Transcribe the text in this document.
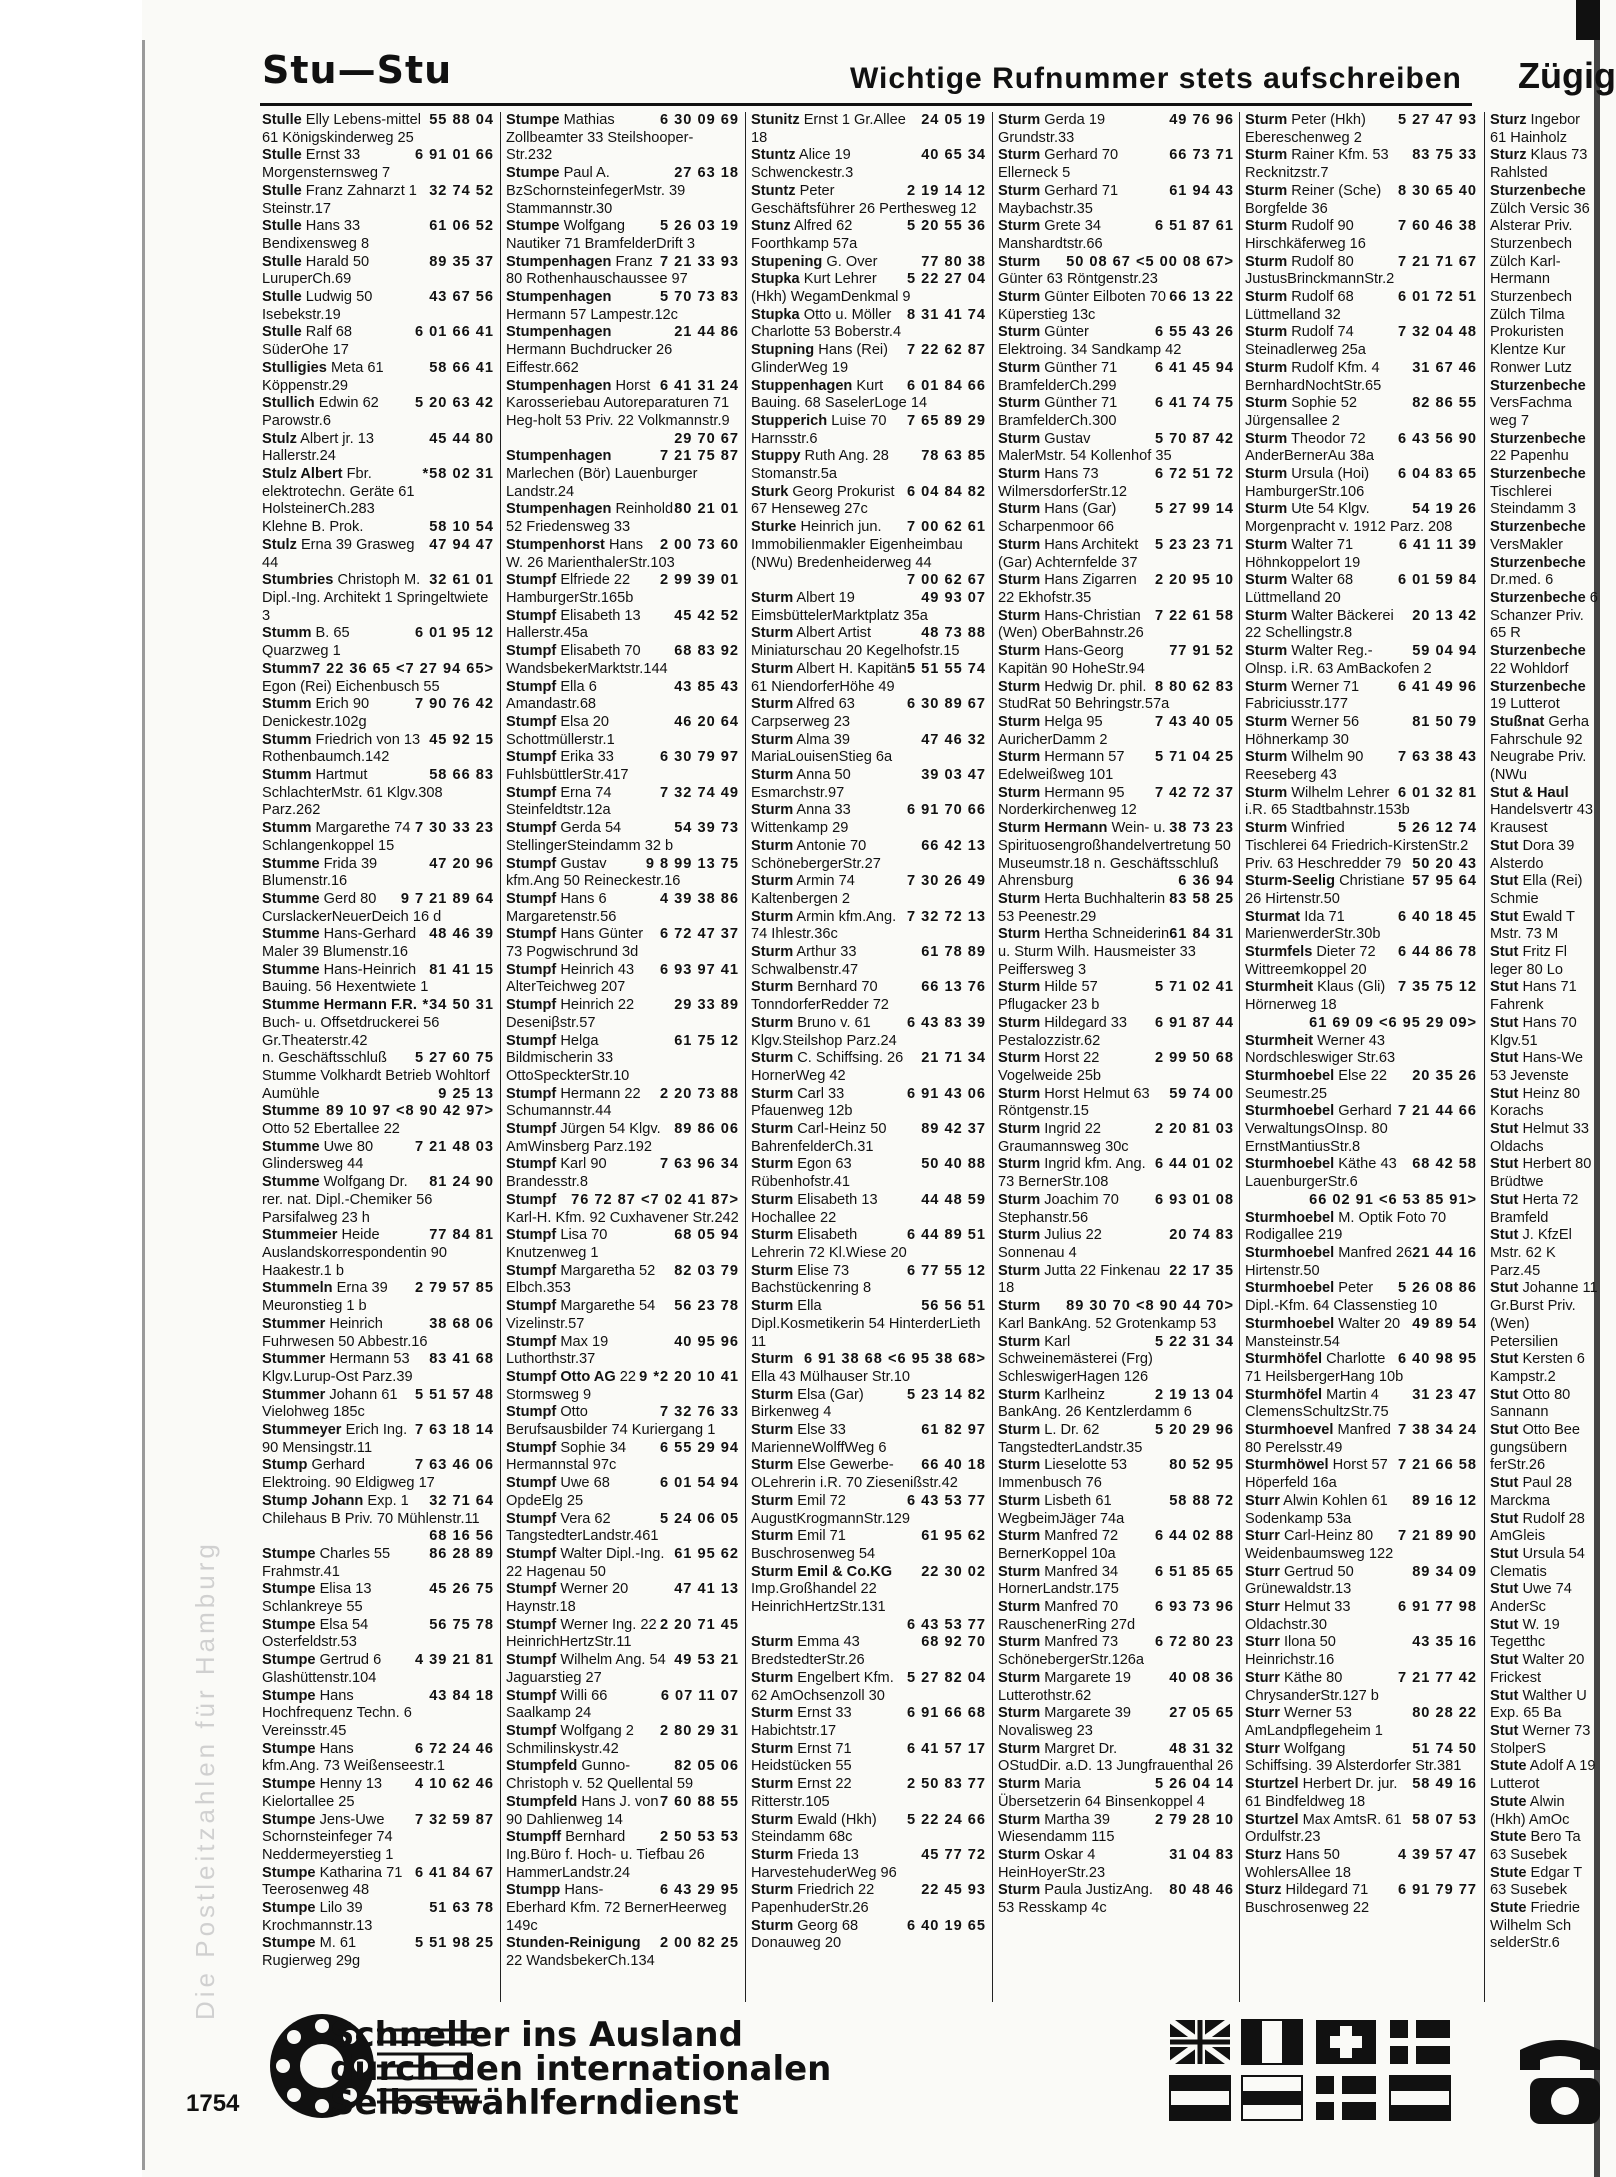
Die Postleitzahlen für Hamburg
Stu—Stu	Wichtige Rufnummer stets aufschreiben Zügig
55 88 04
Stulle Elly Lebens-mittel 61 Königskinderweg 25
6 91 01 66
Stulle Ernst 33 Morgensternsweg 7
32 74 52
Stulle Franz Zahnarzt 1 Steinstr.17
61 06 52
Stulle Hans 33 Bendixensweg 8
89 35 37
Stulle Harald 50 LuruperCh.69
43 67 56
Stulle Ludwig 50 Isebekstr.19
6 01 66 41
Stulle Ralf 68 SüderOhe 17
58 66 41
Stulligies Meta 61 Köppenstr.29
5 20 63 42
Stullich Edwin 62 Parowstr.6
45 44 80
Stulz Albert jr. 13 Hallerstr.24
*58 02 31
Stulz Albert Fbr. elektrotechn. Geräte 61 HolsteinerCh.283
58 10 54
Klehne B. Prok.
47 94 47
Stulz Erna 39 Grasweg 44
32 61 01
Stumbries Christoph M. Dipl.-Ing. Architekt 1 Springeltwiete 3
6 01 95 12
Stumm B. 65 Quarzweg 1
7 22 36 65 <7 27 94 65>
Stumm Egon (Rei) Eichenbusch 55
7 90 76 42
Stumm Erich 90 Denickestr.102g
45 92 15
Stumm Friedrich von 13 Rothenbaumch.142
58 66 83
Stumm Hartmut SchlachterMstr. 61 Klgv.308 Parz.262
7 30 33 23
Stumm Margarethe 74 Schlangenkoppel 15
47 20 96
Stumme Frida 39 Blumenstr.16
9 7 21 89 64
Stumme Gerd 80 CurslackerNeuerDeich 16 d
48 46 39
Stumme Hans-Gerhard Maler 39 Blumenstr.16
81 41 15
Stumme Hans-Heinrich Bauing. 56 Hexentwiete 1
*34 50 31
Stumme Hermann F.R. Buch- u. Offsetdruckerei 56 Gr.Theaterstr.42
5 27 60 75
n. Geschäftsschluß Stumme Volkhardt Betrieb Wohltorf
9 25 13
Aumühle
89 10 97 <8 90 42 97>
Stumme Otto 52 Ebertallee 22
7 21 48 03
Stumme Uwe 80 Glindersweg 44
81 24 90
Stumme Wolfgang Dr. rer. nat. Dipl.-Chemiker 56 Parsifalweg 23 h
77 84 81
Stummeier Heide Auslandskorrespondentin 90 Haakestr.1 b
2 79 57 85
Stummeln Erna 39 Meuronstieg 1 b
38 68 06
Stummer Heinrich Fuhrwesen 50 Abbestr.16
83 41 68
Stummer Hermann 53 Klgv.Lurup-Ost Parz.39
5 51 57 48
Stummer Johann 61 Vielohweg 185c
7 63 18 14
Stummeyer Erich Ing. 90 Mensingstr.11
7 63 46 06
Stump Gerhard Elektroing. 90 Eldigweg 17
32 71 64
Stump Johann Exp. 1 Chilehaus B Priv. 70 Mühlenstr.11
68 16 56
86 28 89
Stumpe Charles 55 Frahmstr.41
45 26 75
Stumpe Elisa 13 Schlankreye 55
56 75 78
Stumpe Elsa 54 Osterfeldstr.53
4 39 21 81
Stumpe Gertrud 6 Glashüttenstr.104
43 84 18
Stumpe Hans Hochfrequenz Techn. 6 Vereinsstr.45
6 72 24 46
Stumpe Hans kfm.Ang. 73 Weißenseestr.1
4 10 62 46
Stumpe Henny 13 Kielortallee 25
7 32 59 87
Stumpe Jens-Uwe Schornsteinfeger 74 Neddermeyerstieg 1
6 41 84 67
Stumpe Katharina 71 Teerosenweg 48
51 63 78
Stumpe Lilo 39 Krochmannstr.13
5 51 98 25
Stumpe M. 61 Rugierweg 29g
6 30 09 69
Stumpe Mathias Zollbeamter 33 Steilshooper-Str.232
27 63 18
Stumpe Paul A. BzSchornsteinfegerMstr. 39 Stammannstr.30
5 26 03 19
Stumpe Wolfgang Nautiker 71 BramfelderDrift 3
7 21 33 93
Stumpenhagen Franz 80 Rothenhauschaussee 97
5 70 73 83
Stumpenhagen Hermann 57 Lampestr.12c
21 44 86
Stumpenhagen Hermann Buchdrucker 26 Eiffestr.662
6 41 31 24
Stumpenhagen Horst Karosseriebau Autoreparaturen 71 Heg-holt 53 Priv. 22 Volkmannstr.9
29 70 67
7 21 75 87
Stumpenhagen Marlechen (Bör) Lauenburger Landstr.24
80 21 01
Stumpenhagen Reinhold 52 Friedensweg 33
2 00 73 60
Stumpenhorst Hans W. 26 MarienthalerStr.103
2 99 39 01
Stumpf Elfriede 22 HamburgerStr.165b
45 42 52
Stumpf Elisabeth 13 Hallerstr.45a
68 83 92
Stumpf Elisabeth 70 WandsbekerMarktstr.144
43 85 43
Stumpf Ella 6 Amandastr.68
46 20 64
Stumpf Elsa 20 Schottmüllerstr.1
6 30 79 97
Stumpf Erika 33 FuhlsbüttlerStr.417
7 32 74 49
Stumpf Erna 74 Steinfeldtstr.12a
54 39 73
Stumpf Gerda 54 StellingerSteindamm 32 b
9 8 99 13 75
Stumpf Gustav kfm.Ang 50 Reineckestr.16
4 39 38 86
Stumpf Hans 6 Margaretenstr.56
6 72 47 37
Stumpf Hans Günter 73 Pogwischrund 3d
6 93 97 41
Stumpf Heinrich 43 AlterTeichweg 207
29 33 89
Stumpf Heinrich 22 Deseniβstr.57
61 75 12
Stumpf Helga Bildmischerin 33 OttoSpeckterStr.10
2 20 73 88
Stumpf Hermann 22 Schumannstr.44
89 86 06
Stumpf Jürgen 54 Klgv. AmWinsberg Parz.192
7 63 96 34
Stumpf Karl 90 Brandesstr.8
76 72 87 <7 02 41 87>
Stumpf Karl-H. Kfm. 92 Cuxhavener Str.242
68 05 94
Stumpf Lisa 70 Knutzenweg 1
82 03 79
Stumpf Margaretha 52 Elbch.353
56 23 78
Stumpf Margarethe 54 Vizelinstr.57
40 95 96
Stumpf Max 19 Luthorthstr.37
9 *2 20 10 41
Stumpf Otto AG 22 Stormsweg 9
7 32 76 33
Stumpf Otto Berufsausbilder 74 Kuriergang 1
6 55 29 94
Stumpf Sophie 34 Hermannstal 97c
6 01 54 94
Stumpf Uwe 68 OpdeElg 25
5 24 06 05
Stumpf Vera 62 TangstedterLandstr.461
61 95 62
Stumpf Walter Dipl.-Ing. 22 Hagenau 50
47 41 13
Stumpf Werner 20 Haynstr.18
2 20 71 45
Stumpf Werner Ing. 22 HeinrichHertzStr.11
49 53 21
Stumpf Wilhelm Ang. 54 Jaguarstieg 27
6 07 11 07
Stumpf Willi 66 Saalkamp 24
2 80 29 31
Stumpf Wolfgang 2 Schmilinskystr.42
82 05 06
Stumpfeld Gunno-Christoph v. 52 Quellental 59
7 60 88 55
Stumpfeld Hans J. von 90 Dahlienweg 14
2 50 53 53
Stumpff Bernhard Ing.Büro f. Hoch- u. Tiefbau 26 HammerLandstr.24
6 43 29 95
Stumpp Hans-Eberhard Kfm. 72 BernerHeerweg 149c
2 00 82 25
Stunden-Reinigung 22 WandsbekerCh.134
24 05 19
Stunitz Ernst 1 Gr.Allee 18
40 65 34
Stuntz Alice 19 Schwenckestr.3
2 19 14 12
Stuntz Peter Geschäftsführer 26 Perthesweg 12
5 20 55 36
Stunz Alfred 62 Foorthkamp 57a
77 80 38
Stupening G. Over
5 22 27 04
Stupka Kurt Lehrer (Hkh) WegamDenkmal 9
8 31 41 74
Stupka Otto u. Möller Charlotte 53 Boberstr.4
7 22 62 87
Stupning Hans (Rei) GlinderWeg 19
6 01 84 66
Stuppenhagen Kurt Bauing. 68 SaselerLoge 14
7 65 89 29
Stupperich Luise 70 Harnsstr.6
78 63 85
Stuppy Ruth Ang. 28 Stomanstr.5a
6 04 84 82
Sturk Georg Prokurist 67 Henseweg 27c
7 00 62 61
Sturke Heinrich jun. Immobilienmakler Eigenheimbau (NWu) Bredenheiderweg 44
7 00 62 67
49 93 07
Sturm Albert 19 EimsbüttelerMarktplatz 35a
48 73 88
Sturm Albert Artist Miniaturschau 20 Kegelhofstr.15
5 51 55 74
Sturm Albert H. Kapitän 61 NiendorferHöhe 49
6 30 89 67
Sturm Alfred 63 Carpserweg 23
47 46 32
Sturm Alma 39 MariaLouisenStieg 6a
39 03 47
Sturm Anna 50 Esmarchstr.97
6 91 70 66
Sturm Anna 33 Wittenkamp 29
66 42 13
Sturm Antonie 70 SchönebergerStr.27
7 30 26 49
Sturm Armin 74 Kaltenbergen 2
7 32 72 13
Sturm Armin kfm.Ang. 74 Ihlestr.36c
61 78 89
Sturm Arthur 33 Schwalbenstr.47
66 13 76
Sturm Bernhard 70 TonndorferRedder 72
6 43 83 39
Sturm Bruno v. 61 Klgv.Steilshop Parz.24
21 71 34
Sturm C. Schiffsing. 26 HornerWeg 42
6 91 43 06
Sturm Carl 33 Pfauenweg 12b
89 42 37
Sturm Carl-Heinz 50 BahrenfelderCh.31
50 40 88
Sturm Egon 63 Rübenhofstr.41
44 48 59
Sturm Elisabeth 13 Hochallee 22
6 44 89 51
Sturm Elisabeth Lehrerin 72 Kl.Wiese 20
6 77 55 12
Sturm Elise 73 Bachstückenring 8
56 56 51
Sturm Ella Dipl.Kosmetikerin 54 HinterderLieth 11
6 91 38 68 <6 95 38 68>
Sturm Ella 43 Mülhauser Str.10
5 23 14 82
Sturm Elsa (Gar) Birkenweg 4
61 82 97
Sturm Else 33 MarienneWolffWeg 6
66 40 18
Sturm Else Gewerbe-OLehrerin i.R. 70 Ziesenißstr.42
6 43 53 77
Sturm Emil 72 AugustKrogmannStr.129
61 95 62
Sturm Emil 71 Buschrosenweg 54
22 30 02
Sturm Emil & Co.KG Imp.Großhandel 22 HeinrichHertzStr.131
6 43 53 77
68 92 70
Sturm Emma 43 BredstedterStr.26
5 27 82 04
Sturm Engelbert Kfm. 62 AmOchsenzoll 30
6 91 66 68
Sturm Ernst 33 Habichtstr.17
6 41 57 17
Sturm Ernst 71 Heidstücken 55
2 50 83 77
Sturm Ernst 22 Ritterstr.105
5 22 24 66
Sturm Ewald (Hkh) Steindamm 68c
45 77 72
Sturm Frieda 13 HarvestehuderWeg 96
22 45 93
Sturm Friedrich 22 PapenhuderStr.26
6 40 19 65
Sturm Georg 68 Donauweg 20
49 76 96
Sturm Gerda 19 Grundstr.33
66 73 71
Sturm Gerhard 70 Ellerneck 5
61 94 43
Sturm Gerhard 71 Maybachstr.35
6 51 87 61
Sturm Grete 34 Manshardtstr.66
50 08 67 <5 00 08 67>
Sturm Günter 63 Röntgenstr.23
66 13 22
Sturm Günter Eilboten 70 Küperstieg 13c
6 55 43 26
Sturm Günter Elektroing. 34 Sandkamp 42
6 41 45 94
Sturm Günther 71 BramfelderCh.299
6 41 74 75
Sturm Günther 71 BramfelderCh.300
5 70 87 42
Sturm Gustav MalerMstr. 54 Kollenhof 35
6 72 51 72
Sturm Hans 73 WilmersdorferStr.12
5 27 99 14
Sturm Hans (Gar) Scharpenmoor 66
5 23 23 71
Sturm Hans Architekt (Gar) Achternfelde 37
2 20 95 10
Sturm Hans Zigarren 22 Ekhofstr.35
7 22 61 58
Sturm Hans-Christian (Wen) OberBahnstr.26
77 91 52
Sturm Hans-Georg Kapitän 90 HoheStr.94
8 80 62 83
Sturm Hedwig Dr. phil. StudRat 50 Behringstr.57a
7 43 40 05
Sturm Helga 95 AuricherDamm 2
5 71 04 25
Sturm Hermann 57 Edelweißweg 101
7 42 72 37
Sturm Hermann 95 Norderkirchenweg 12
38 73 23
Sturm Hermann Wein- u. Spirituosengroßhandelvertretung 50 Museumstr.18 n. Geschäftsschluß
6 36 94
Ahrensburg
83 58 25
Sturm Herta Buchhalterin 53 Peenestr.29
61 84 31
Sturm Hertha Schneiderin u. Sturm Wilh. Hausmeister 33 Peiffersweg 3
5 71 02 41
Sturm Hilde 57 Pflugacker 23 b
6 91 87 44
Sturm Hildegard 33 Pestalozzistr.62
2 99 50 68
Sturm Horst 22 Vogelweide 25b
59 74 00
Sturm Horst Helmut 63 Röntgenstr.15
2 20 81 03
Sturm Ingrid 22 Graumannsweg 30c
6 44 01 02
Sturm Ingrid kfm. Ang. 73 BernerStr.108
6 93 01 08
Sturm Joachim 70 Stephanstr.56
20 74 83
Sturm Julius 22 Sonnenau 4
22 17 35
Sturm Jutta 22 Finkenau 18
89 30 70 <8 90 44 70>
Sturm Karl BankAng. 52 Grotenkamp 53
5 22 31 34
Sturm Karl Schweinemästerei (Frg) SchleswigerHagen 126
2 19 13 04
Sturm Karlheinz BankAng. 26 Kentzlerdamm 6
5 20 29 96
Sturm L. Dr. 62 TangstedterLandstr.35
80 52 95
Sturm Lieselotte 53 Immenbusch 76
58 88 72
Sturm Lisbeth 61 WegbeimJäger 74a
6 44 02 88
Sturm Manfred 72 BernerKoppel 10a
6 51 85 65
Sturm Manfred 34 HornerLandstr.175
6 93 73 96
Sturm Manfred 70 RauschenerRing 27d
6 72 80 23
Sturm Manfred 73 SchönebergerStr.126a
40 08 36
Sturm Margarete 19 Lutterothstr.62
27 05 65
Sturm Margarete 39 Novalisweg 23
48 31 32
Sturm Margret Dr. OStudDir. a.D. 13 Jungfrauenthal 26
5 26 04 14
Sturm Maria Übersetzerin 64 Binsenkoppel 4
2 79 28 10
Sturm Martha 39 Wiesendamm 115
31 04 83
Sturm Oskar 4 HeinHoyerStr.23
80 48 46
Sturm Paula JustizAng. 53 Resskamp 4c
5 27 47 93
Sturm Peter (Hkh) Ebereschenweg 2
83 75 33
Sturm Rainer Kfm. 53 Recknitzstr.7
8 30 65 40
Sturm Reiner (Sche) Borgfelde 36
7 60 46 38
Sturm Rudolf 90 Hirschkäferweg 16
7 21 71 67
Sturm Rudolf 80 JustusBrinckmannStr.2
6 01 72 51
Sturm Rudolf 68 Lüttmelland 32
7 32 04 48
Sturm Rudolf 74 Steinadlerweg 25a
31 67 46
Sturm Rudolf Kfm. 4 BernhardNochtStr.65
82 86 55
Sturm Sophie 52 Jürgensallee 2
6 43 56 90
Sturm Theodor 72 AnderBernerAu 38a
6 04 83 65
Sturm Ursula (Hoi) HamburgerStr.106
54 19 26
Sturm Ute 54 Klgv. Morgenpracht v. 1912 Parz. 208
6 41 11 39
Sturm Walter 71 Höhnkoppelort 19
6 01 59 84
Sturm Walter 68 Lüttmelland 20
20 13 42
Sturm Walter Bäckerei 22 Schellingstr.8
59 04 94
Sturm Walter Reg.-Olnsp. i.R. 63 AmBackofen 2
6 41 49 96
Sturm Werner 71 Fabriciusstr.177
81 50 79
Sturm Werner 56 Höhnerkamp 30
7 63 38 43
Sturm Wilhelm 90 Reeseberg 43
6 01 32 81
Sturm Wilhelm Lehrer i.R. 65 Stadtbahnstr.153b
5 26 12 74
Sturm Winfried Tischlerei 64 Friedrich-KirstenStr.2
50 20 43
Priv. 63 Heschredder 79
57 95 64
Sturm-Seelig Christiane 26 Hirtenstr.50
6 40 18 45
Sturmat Ida 71 MarienwerderStr.30b
6 44 86 78
Sturmfels Dieter 72 Wittreemkoppel 20
7 35 75 12
Sturmheit Klaus (Gli) Hörnerweg 18
61 69 09 <6 95 29 09>
Sturmheit Werner 43 Nordschleswiger Str.63
20 35 26
Sturmhoebel Else 22 Seumestr.25
7 21 44 66
Sturmhoebel Gerhard VerwaltungsOInsp. 80 ErnstMantiusStr.8
68 42 58
Sturmhoebel Käthe 43 LauenburgerStr.6
66 02 91 <6 53 85 91>
Sturmhoebel M. Optik Foto 70 Rodigallee 219
21 44 16
Sturmhoebel Manfred 26 Hirtenstr.50
5 26 08 86
Sturmhoebel Peter Dipl.-Kfm. 64 Classenstieg 10
49 89 54
Sturmhoebel Walter 20 Mansteinstr.54
6 40 98 95
Sturmhöfel Charlotte 71 HeilsbergerHang 10b
31 23 47
Sturmhöfel Martin 4 ClemensSchultzStr.75
7 38 34 24
Sturmhoevel Manfred 80 Perelsstr.49
7 21 66 58
Sturmhöwel Horst 57 Höperfeld 16a
89 16 12
Sturr Alwin Kohlen 61 Sodenkamp 53a
7 21 89 90
Sturr Carl-Heinz 80 Weidenbaumsweg 122
89 34 09
Sturr Gertrud 50 Grünewaldstr.13
6 91 77 98
Sturr Helmut 33 Oldachstr.30
43 35 16
Sturr Ilona 50 Heinrichstr.16
7 21 77 42
Sturr Käthe 80 ChrysanderStr.127 b
80 28 22
Sturr Werner 53 AmLandpflegeheim 1
51 74 50
Sturr Wolfgang Schiffsing. 39 Alsterdorfer Str.381
58 49 16
Sturtzel Herbert Dr. jur. 61 Bindfeldweg 18
58 07 53
Sturtzel Max AmtsR. 61 Ordulfstr.23
4 39 57 47
Sturz Hans 50 WohlersAllee 18
6 91 79 77
Sturz Hildegard 71 Buschrosenweg 22
Sturz Ingebor 61 Hainholz
Sturz Klaus 73 Rahlsted
Sturzenbeche Zülch Versic 36 Alsterar Priv. Sturzenbech Zülch Karl-Hermann Sturzenbech Zülch Tilma Prokuristen Klentze Kur Ronwer Lutz
Sturzenbeche VersFachma weg 7
Sturzenbeche 22 Papenhu
Sturzenbeche Tischlerei Steindamm 3
Sturzenbeche VersMakler
Sturzenbeche Dr.med. 6
Sturzenbeche 6 Schanzer Priv. 65 R
Sturzenbeche 22 Wohldorf
Sturzenbeche 19 Lutterot
Stußnat Gerha Fahrschule 92 Neugrabe Priv. (NWu
Stut & Haul Handelsvertr 43 Krausest
Stut Dora 39 Alsterdo
Stut Ella (Rei) Schmie
Stut Ewald T Mstr. 73 M
Stut Fritz Fl leger 80 Lo
Stut Hans 71 Fahrenk
Stut Hans 70 Klgv.51
Stut Hans-We 53 Jevenste
Stut Heinz 80 Korachs
Stut Helmut 33 Oldachs
Stut Herbert 80 Brüdtwe
Stut Herta 72 Bramfeld
Stut J. KfzEl Mstr. 62 K Parz.45
Stut Johanne 11 Gr.Burst Priv. (Wen) Petersilien
Stut Kersten 6 Kampstr.2
Stut Otto 80 Sannann
Stut Otto Bee gungsübern ferStr.26
Stut Paul 28 Marckma
Stut Rudolf 28 AmGleis
Stut Ursula 54 Clematis
Stut Uwe 74 AnderSc
Stut W. 19 Tegetthc
Stut Walter 20 Frickest
Stut Walther U Exp. 65 Ba
Stut Werner 73 StolperS
Stute Adolf A 19 Lutterot
Stute Alwin (Hkh) AmOc
Stute Bero Ta 63 Susebek
Stute Edgar T 63 Susebek
Stute Friedrie Wilhelm Sch selderStr.6
Schneller ins Ausland
durch den internationalen
Selbstwählferndienst
1754
